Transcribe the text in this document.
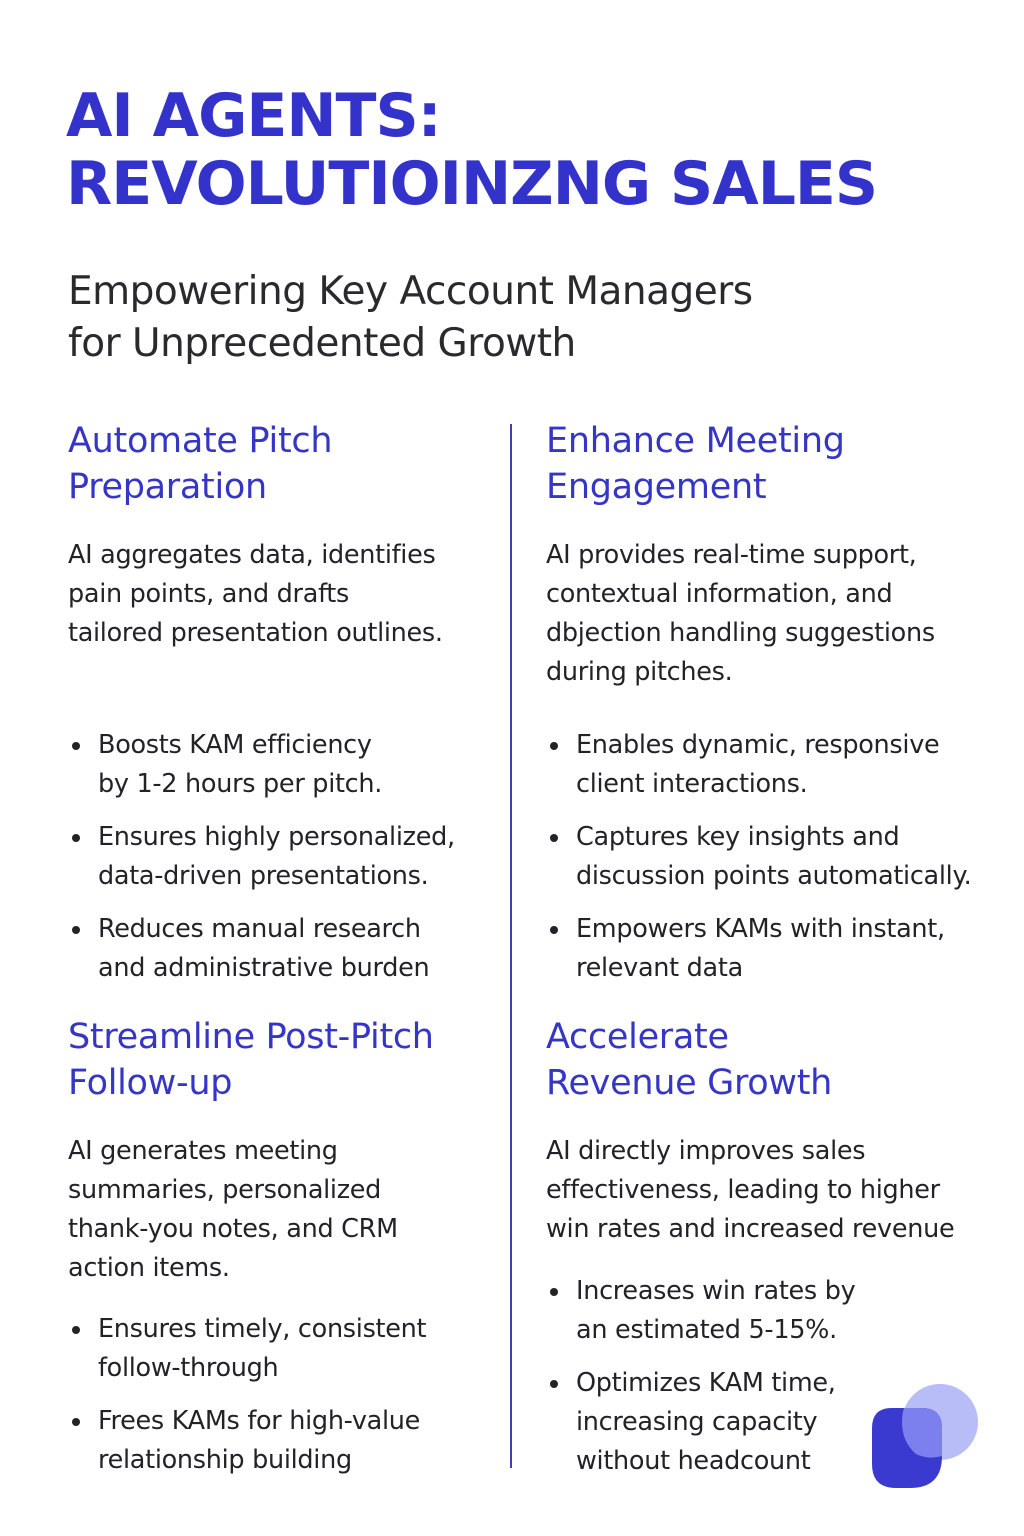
AI AGENTS:
REVOLUTIOINZNG SALES
Empowering Key Account Managers
for Unprecedented Growth
Automate Pitch
Preparation

AI aggregates data, identifies
pain points, and drafts
tailored presentation outlines.

Boosts KAM efficiency
by 1-2 hours per pitch.
Ensures highly personalized,
data-driven presentations.
Reduces manual research
and administrative burden
Enhance Meeting
Engagement

AI provides real-time support,
contextual information, and
dbjection handling suggestions
during pitches.

Enables dynamic, responsive
client interactions.
Captures key insights and
discussion points automatically.
Empowers KAMs with instant,
relevant data
Streamline Post-Pitch
Follow-up

AI generates meeting
summaries, personalized
thank-you notes, and CRM
action items.

Ensures timely, consistent
follow-through
Frees KAMs for high-value
relationship building
Accelerate
Revenue Growth

AI directly improves sales
effectiveness, leading to higher
win rates and increased revenue

Increases win rates by
an estimated 5-15%.
Optimizes KAM time,
increasing capacity
without headcount
